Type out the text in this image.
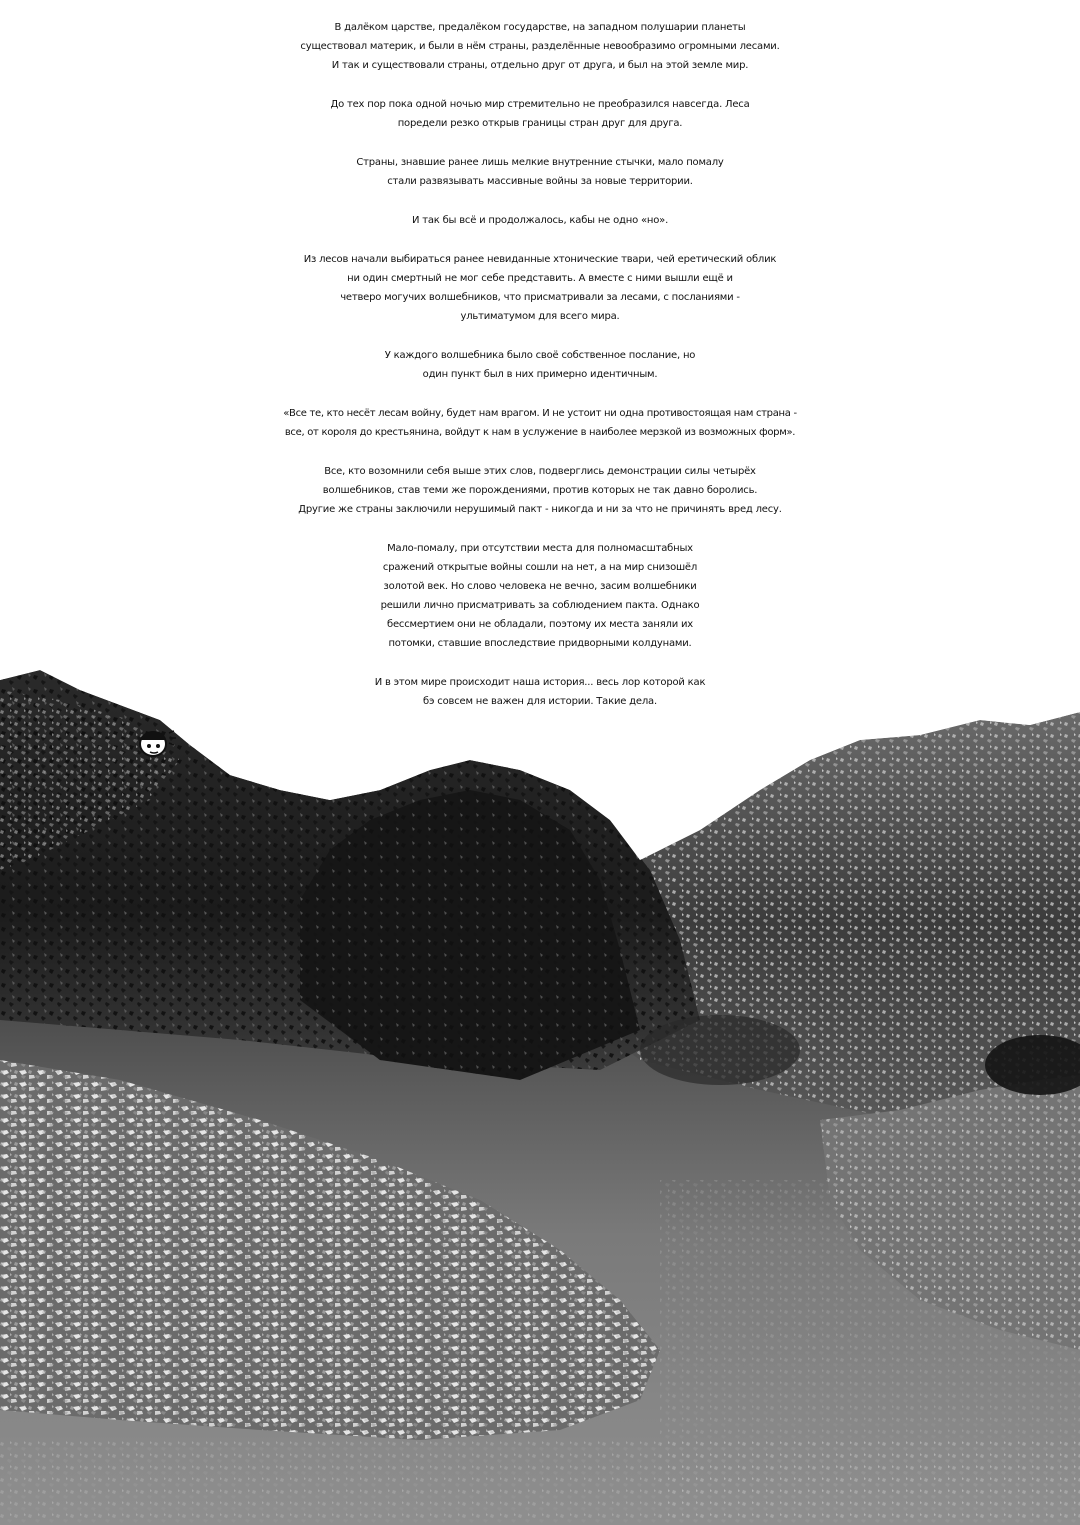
В далёком царстве, предалёком государстве, на западном полушарии планеты
существовал материк, и были в нём страны, разделённые невообразимо огромными лесами.
И так и существовали страны, отдельно друг от друга, и был на этой земле мир.
До тех пор пока одной ночью мир стремительно не преобразился навсегда. Леса
поредели резко открыв границы стран друг для друга.
Страны, знавшие ранее лишь мелкие внутренние стычки, мало помалу
стали развязывать массивные войны за новые территории.
И так бы всё и продолжалось, кабы не одно «но».
Из лесов начали выбираться ранее невиданные хтонические твари, чей еретический облик
ни один смертный не мог себе представить. А вместе с ними вышли ещё и
четверо могучих волшебников, что присматривали за лесами, с посланиями -
ультиматумом для всего мира.
У каждого волшебника было своё собственное послание, но
один пункт был в них примерно идентичным.
«Все те, кто несёт лесам войну, будет нам врагом. И не устоит ни одна противостоящая нам страна -
все, от короля до крестьянина, войдут к нам в услужение в наиболее мерзкой из возможных форм».
Все, кто возомнили себя выше этих слов, подверглись демонстрации силы четырёх
волшебников, став теми же порождениями, против которых не так давно боролись.
Другие же страны заключили нерушимый пакт - никогда и ни за что не причинять вред лесу.
Мало-помалу, при отсутствии места для полномасштабных
сражений открытые войны сошли на нет, а на мир снизошёл
золотой век. Но слово человека не вечно, засим волшебники
решили лично присматривать за соблюдением пакта. Однако
бессмертием они не обладали, поэтому их места заняли их
потомки, ставшие впоследствие придворными колдунами.
И в этом мире происходит наша история... весь лор которой как
бэ совсем не важен для истории. Такие дела.
